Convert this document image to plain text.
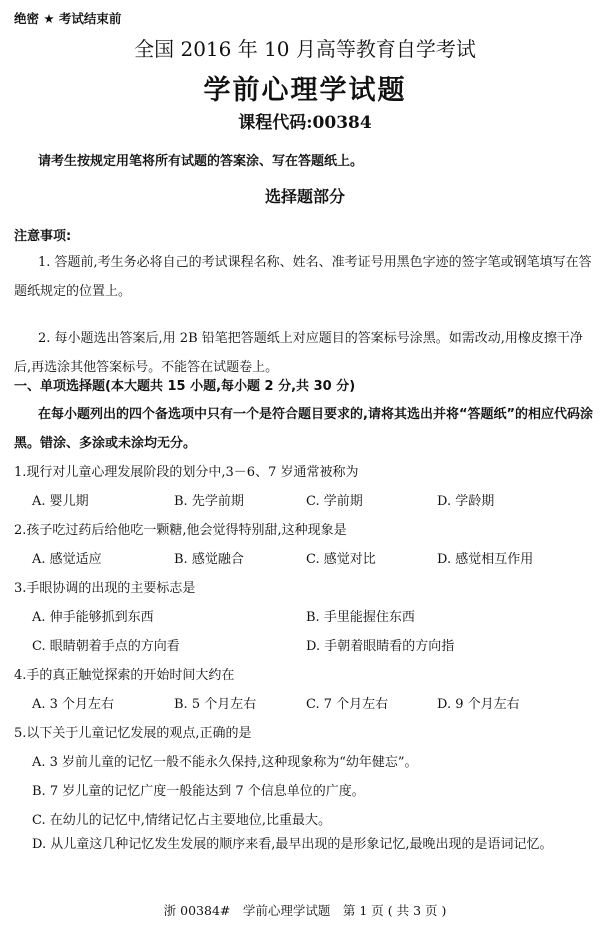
绝密 ★ 考试结束前
全国 2016 年 10 月高等教育自学考试
学前心理学试题
课程代码:00384
请考生按规定用笔将所有试题的答案涂、写在答题纸上。
选择题部分
注意事项:
1. 答题前,考生务必将自己的考试课程名称、姓名、准考证号用黑色字迹的签字笔或钢笔填写在答题纸规定的位置上。
2. 每小题选出答案后,用 2B 铅笔把答题纸上对应题目的答案标号涂黑。如需改动,用橡皮擦干净后,再选涂其他答案标号。不能答在试题卷上。
一、单项选择题(本大题共 15 小题,每小题 2 分,共 30 分)
在每小题列出的四个备选项中只有一个是符合题目要求的,请将其选出并将“答题纸”的相应代码涂黑。错涂、多涂或未涂均无分。
1.现行对儿童心理发展阶段的划分中,3－6、7 岁通常被称为
A. 婴儿期	B. 先学前期	C. 学前期	D. 学龄期
2.孩子吃过药后给他吃一颗糖,他会觉得特别甜,这种现象是
A. 感觉适应	B. 感觉融合	C. 感觉对比	D. 感觉相互作用
3.手眼协调的出现的主要标志是
A. 伸手能够抓到东西	B. 手里能握住东西
C. 眼睛朝着手点的方向看	D. 手朝着眼睛看的方向指
4.手的真正触觉探索的开始时间大约在
A. 3 个月左右	B. 5 个月左右	C. 7 个月左右	D. 9 个月左右
5.以下关于儿童记忆发展的观点,正确的是
A. 3 岁前儿童的记忆一般不能永久保持,这种现象称为“幼年健忘”。
B. 7 岁儿童的记忆广度一般能达到 7 个信息单位的广度。
C. 在幼儿的记忆中,情绪记忆占主要地位,比重最大。
D. 从儿童这几种记忆发生发展的顺序来看,最早出现的是形象记忆,最晚出现的是语词记忆。
浙 00384#　学前心理学试题　第 1 页 ( 共 3 页 )
